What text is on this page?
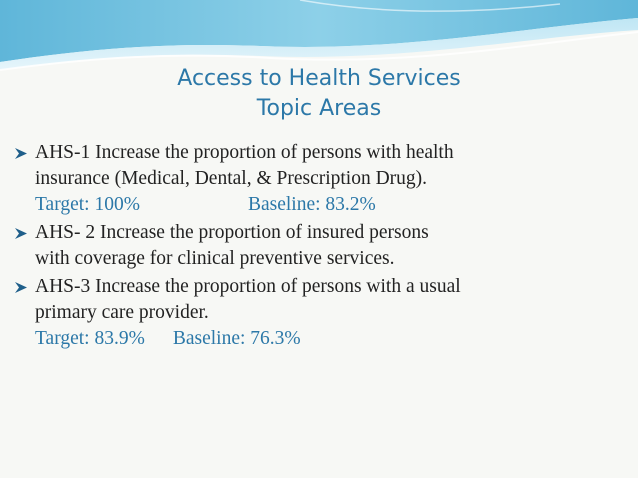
Access to Health Services
Topic Areas
AHS-1 Increase the proportion of persons with health
insurance (Medical, Dental, & Prescription Drug).
Target: 100%	Baseline: 83.2%
AHS- 2 Increase the proportion of insured persons
with coverage for clinical preventive services.
AHS-3 Increase the proportion of persons with a usual
primary care provider.
Target: 83.9% Baseline: 76.3%
